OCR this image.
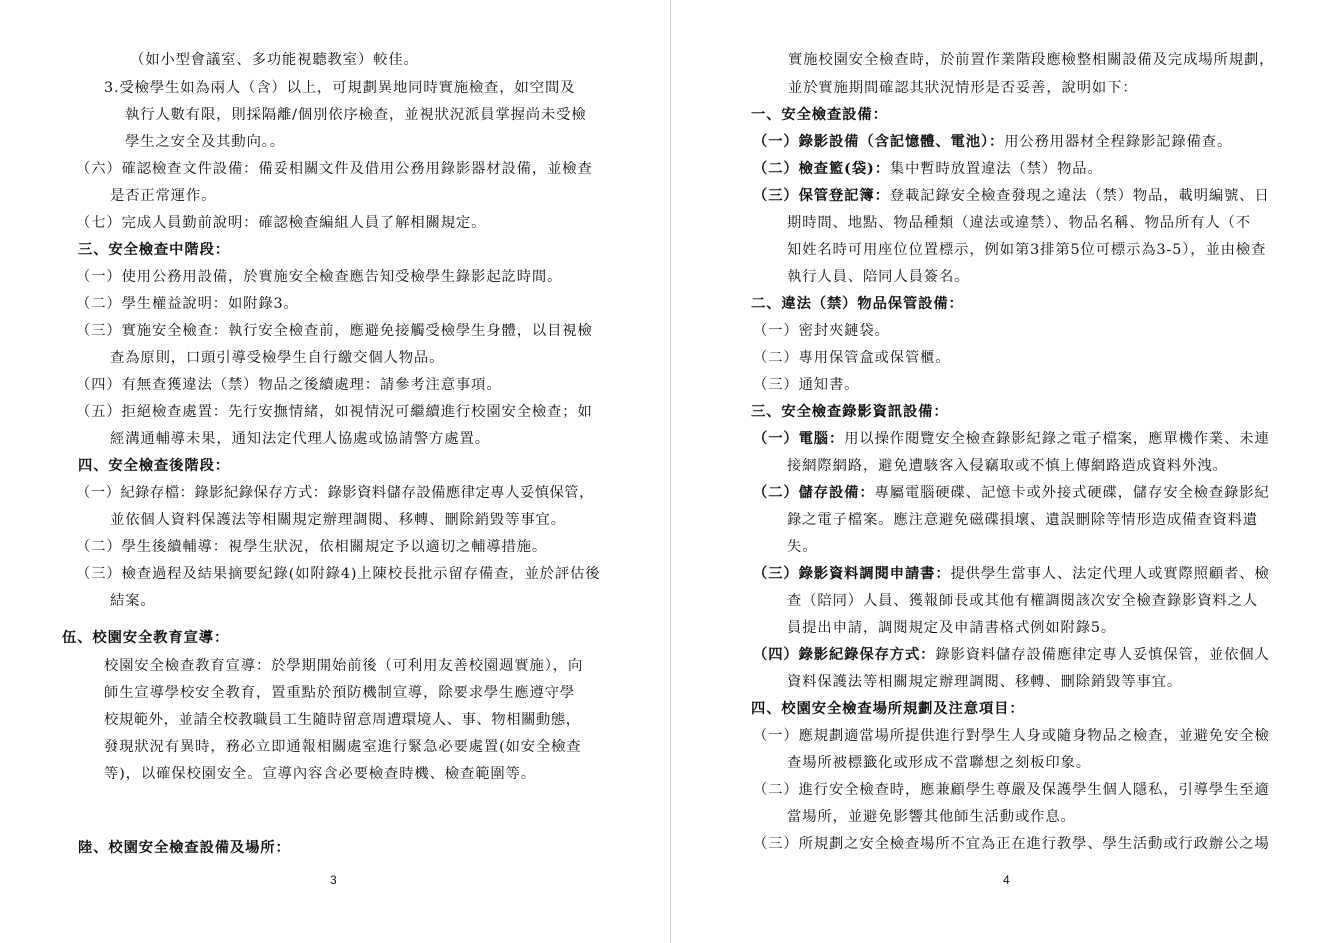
（如小型會議室、多功能視聽教室）較佳。
3.受檢學生如為兩人（含）以上，可規劃異地同時實施檢查，如空間及
執行人數有限，則採隔離/個別依序檢查，並視狀況派員掌握尚未受檢
學生之安全及其動向。。
（六）確認檢查文件設備：備妥相關文件及借用公務用錄影器材設備，並檢查
是否正常運作。
（七）完成人員勤前說明：確認檢查編組人員了解相關規定。
三、安全檢查中階段：
（一）使用公務用設備，於實施安全檢查應告知受檢學生錄影起訖時間。
（二）學生權益說明：如附錄3。
（三）實施安全檢查：執行安全檢查前，應避免接觸受檢學生身體，以目視檢
查為原則，口頭引導受檢學生自行繳交個人物品。
（四）有無查獲違法（禁）物品之後續處理：請參考注意事項。
（五）拒絕檢查處置：先行安撫情緒，如視情況可繼續進行校園安全檢查；如
經溝通輔導未果，通知法定代理人協處或協請警方處置。
四、安全檢查後階段：
（一）紀錄存檔：錄影紀錄保存方式：錄影資料儲存設備應律定專人妥慎保管，
並依個人資料保護法等相關規定辦理調閱、移轉、刪除銷毀等事宜。
（二）學生後續輔導：視學生狀況，依相關規定予以適切之輔導措施。
（三）檢查過程及結果摘要紀錄(如附錄4)上陳校長批示留存備查，並於評估後
結案。
伍、校園安全教育宣導：
校園安全檢查教育宣導：於學期開始前後（可利用友善校園週實施），向
師生宣導學校安全教育，置重點於預防機制宣導，除要求學生應遵守學
校規範外，並請全校教職員工生隨時留意周遭環境人、事、物相關動態，
發現狀況有異時，務必立即通報相關處室進行緊急必要處置(如安全檢查
等)，以確保校園安全。宣導內容含必要檢查時機、檢查範圍等。
陸、校園安全檢查設備及場所：
3
實施校園安全檢查時，於前置作業階段應檢整相關設備及完成場所規劃，
並於實施期間確認其狀況情形是否妥善，說明如下：
一、安全檢查設備：
（一）錄影設備（含記憶體、電池）：用公務用器材全程錄影記錄備查。
（二）檢查籃(袋)：集中暫時放置違法（禁）物品。
（三）保管登記簿：登載記錄安全檢查發現之違法（禁）物品，載明編號、日
期時間、地點、物品種類（違法或違禁）、物品名稱、物品所有人（不
知姓名時可用座位位置標示，例如第3排第5位可標示為3-5），並由檢查
執行人員、陪同人員簽名。
二、違法（禁）物品保管設備：
（一）密封夾鏈袋。
（二）專用保管盒或保管櫃。
（三）通知書。
三、安全檢查錄影資訊設備：
（一）電腦：用以操作閱覽安全檢查錄影紀錄之電子檔案，應單機作業、未連
接網際網路，避免遭駭客入侵竊取或不慎上傳網路造成資料外洩。
（二）儲存設備：專屬電腦硬碟、記憶卡或外接式硬碟，儲存安全檢查錄影紀
錄之電子檔案。應注意避免磁碟損壞、遺誤刪除等情形造成備查資料遺
失。
（三）錄影資料調閱申請書：提供學生當事人、法定代理人或實際照顧者、檢
查（陪同）人員、獲報師長或其他有權調閱該次安全檢查錄影資料之人
員提出申請，調閱規定及申請書格式例如附錄5。
（四）錄影紀錄保存方式：錄影資料儲存設備應律定專人妥慎保管，並依個人
資料保護法等相關規定辦理調閱、移轉、刪除銷毀等事宜。
四、校園安全檢查場所規劃及注意項目：
（一）應規劃適當場所提供進行對學生人身或隨身物品之檢查，並避免安全檢
查場所被標籤化或形成不當聯想之刻板印象。
（二）進行安全檢查時，應兼顧學生尊嚴及保護學生個人隱私，引導學生至適
當場所，並避免影響其他師生活動或作息。
（三）所規劃之安全檢查場所不宜為正在進行教學、學生活動或行政辦公之場
4
